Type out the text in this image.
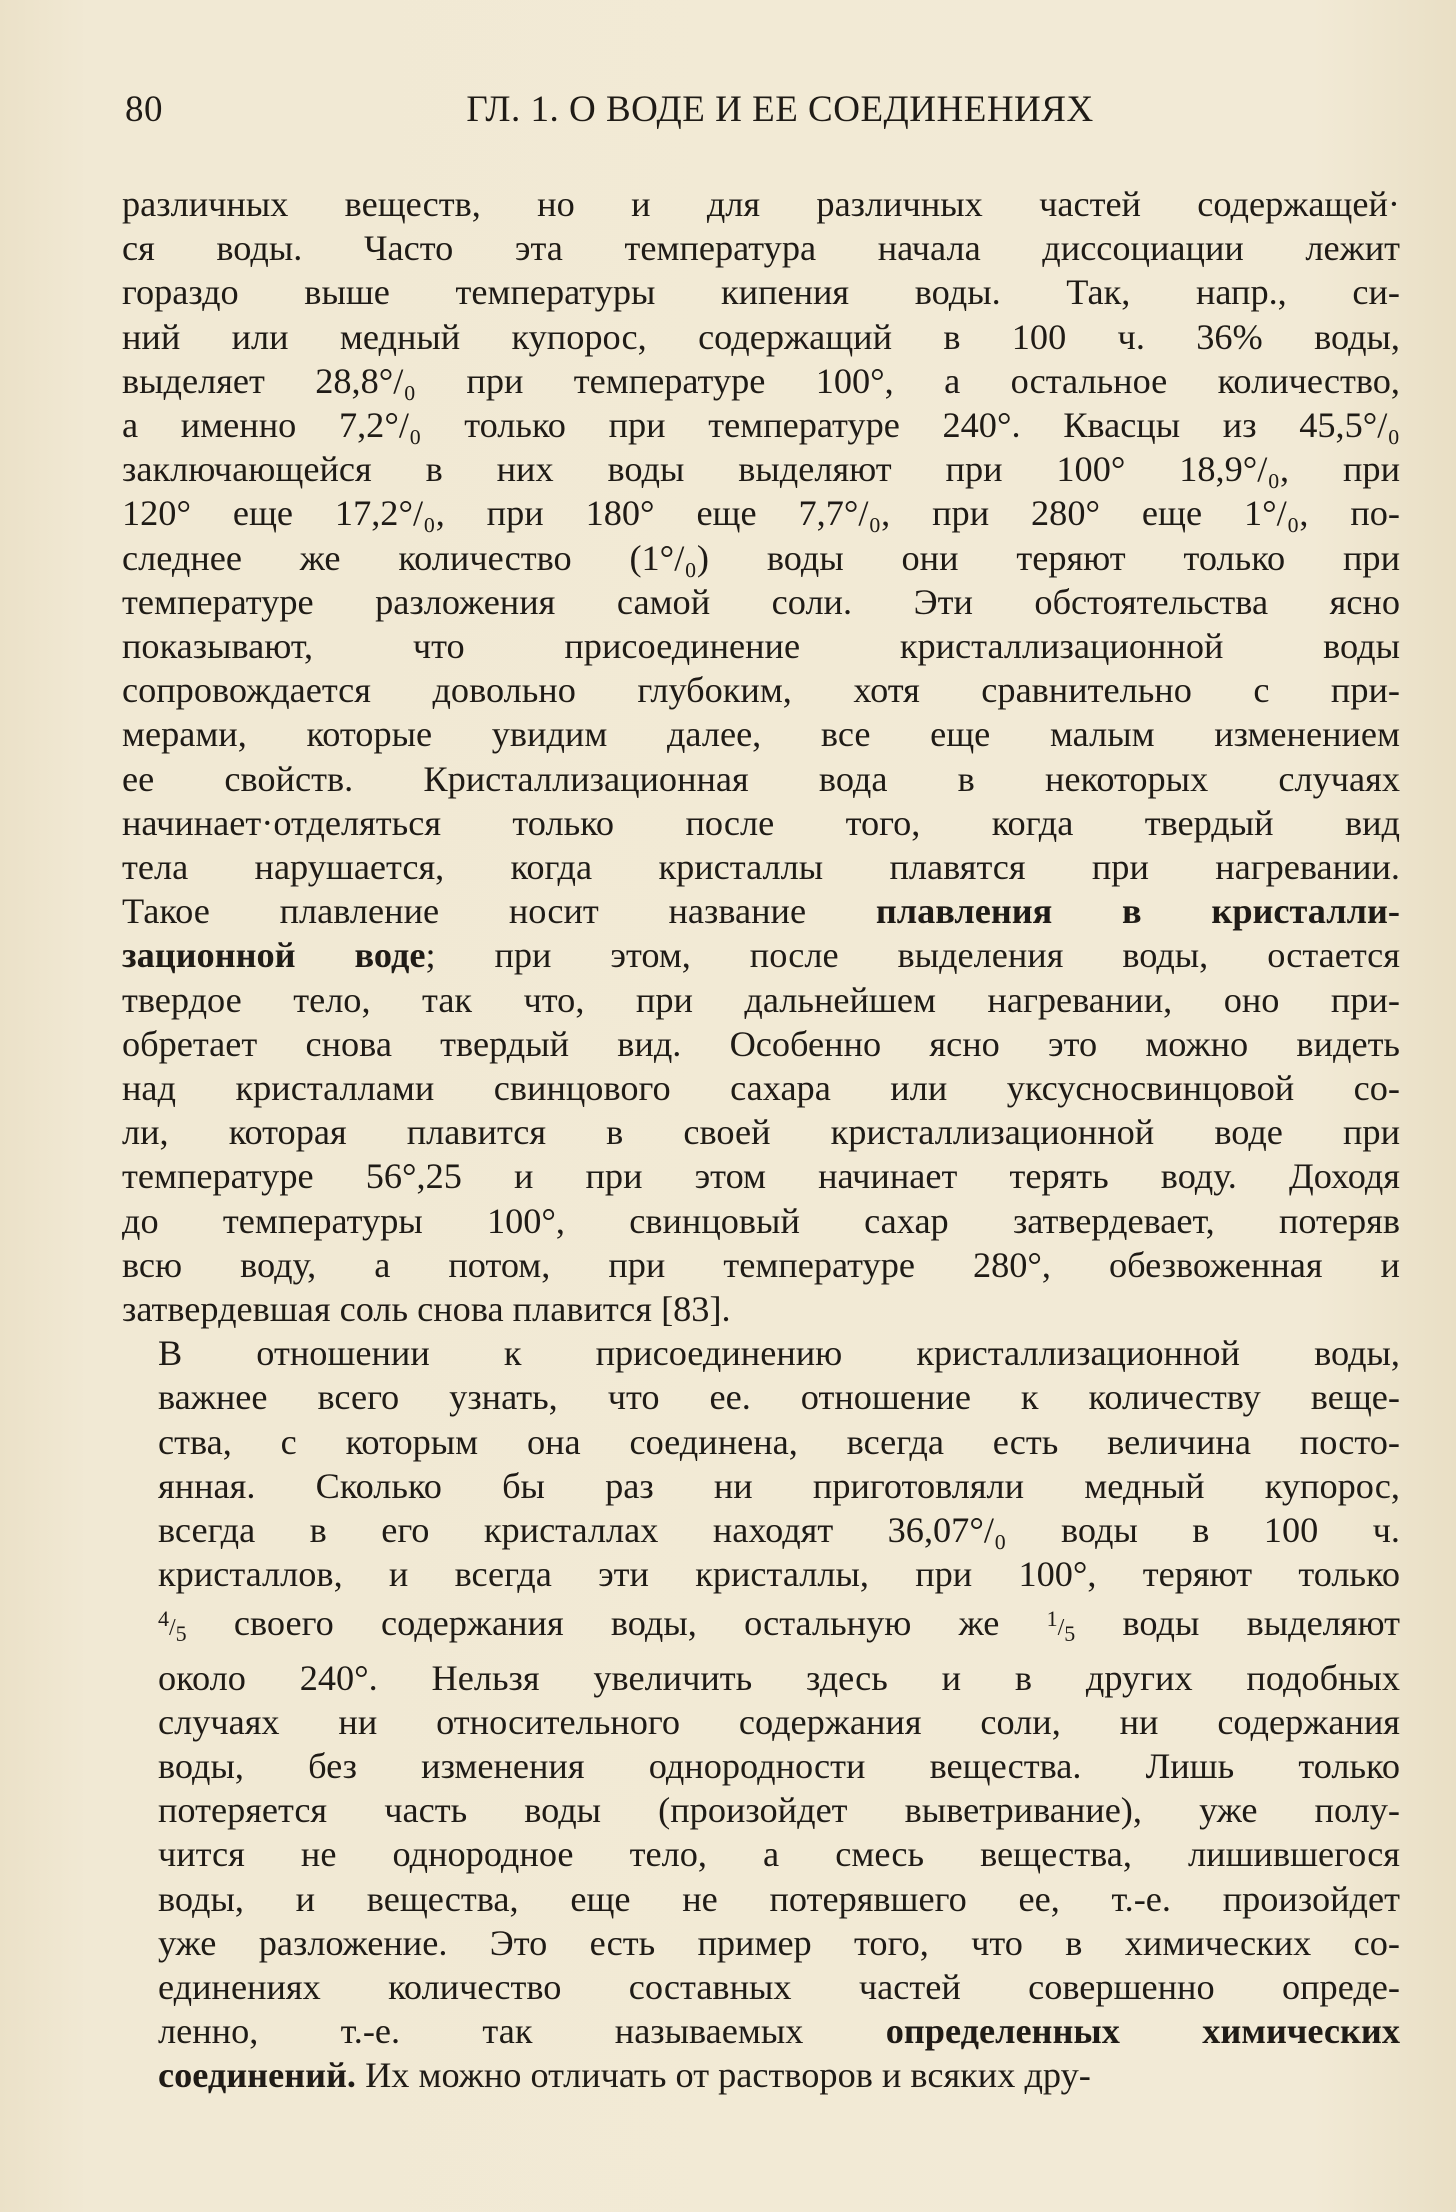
80	ГЛ. 1. О ВОДЕ И ЕЕ СОЕДИНЕНИЯХ
различных веществ, но и для различных частей содержащей·
ся воды. Часто эта температура начала диссоциации лежит
гораздо выше температуры кипения воды. Так, напр., си-
ний или медный купорос, содержащий в 100 ч. 36% воды,
выделяет 28,8°/₀ при температуре 100°, а остальное количество,
а именно 7,2°/₀ только при температуре 240°. Квасцы из 45,5°/₀
заключающейся в них воды выделяют при 100° 18,9°/₀, при
120° еще 17,2°/₀, при 180° еще 7,7°/₀, при 280° еще 1°/₀, по-
следнее же количество (1°/₀) воды они теряют только при
температуре разложения самой соли. Эти обстоятельства ясно
показывают, что присоединение кристаллизационной воды
сопровождается довольно глубоким, хотя сравнительно с при-
мерами, которые увидим далее, все еще малым изменением
ее свойств. Кристаллизационная вода в некоторых случаях
начинает·отделяться только после того, когда твердый вид
тела нарушается, когда кристаллы плавятся при нагревании.
Такое плавление носит название плавления в кристалли-
зационной воде; при этом, после выделения воды, остается
твердое тело, так что, при дальнейшем нагревании, оно при-
обретает снова твердый вид. Особенно ясно это можно видеть
над кристаллами свинцового сахара или уксусносвинцовой со-
ли, которая плавится в своей кристаллизационной воде при
температуре 56°,25 и при этом начинает терять воду. Доходя
до температуры 100°, свинцовый сахар затвердевает, потеряв
всю воду, а потом, при температуре 280°, обезвоженная и
затвердевшая соль снова плавится [83].
В отношении к присоединению кристаллизационной воды,
важнее всего узнать, что ее. отношение к количеству веще-
ства, с которым она соединена, всегда есть величина посто-
янная. Сколько бы раз ни приготовляли медный купорос,
всегда в его кристаллах находят 36,07°/₀ воды в 100 ч.
кристаллов, и всегда эти кристаллы, при 100°, теряют только
4/5 своего содержания воды, остальную же 1/5 воды выделяют
около 240°. Нельзя увеличить здесь и в других подобных
случаях ни относительного содержания соли, ни содержания
воды, без изменения однородности вещества. Лишь только
потеряется часть воды (произойдет выветривание), уже полу-
чится не однородное тело, а смесь вещества, лишившегося
воды, и вещества, еще не потерявшего ее, т.-е. произойдет
уже разложение. Это есть пример того, что в химических со-
единениях количество составных частей совершенно опреде-
ленно, т.-е. так называемых определенных химических
соединений. Их можно отличать от растворов и всяких дру-
